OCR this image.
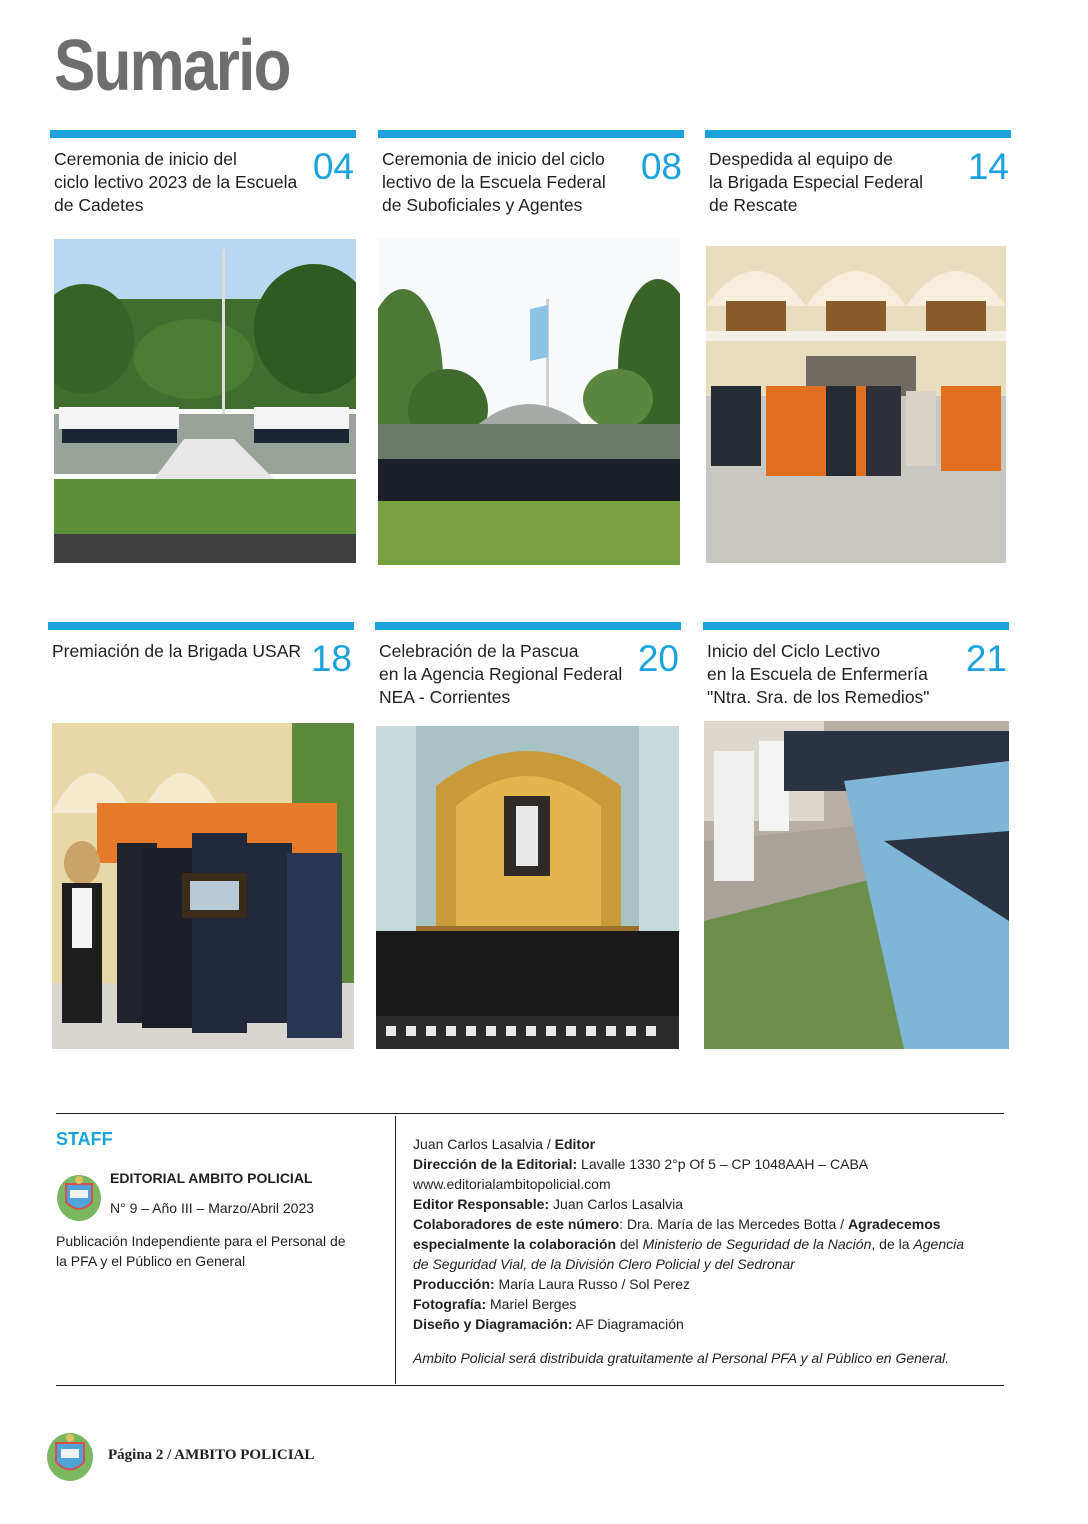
Sumario
Ceremonia de inicio del
ciclo lectivo 2023 de la Escuela
de Cadetes
04 Ceremonia de inicio del ciclo
lectivo de la Escuela Federal
de Suboficiales y Agentes
08 Despedida al equipo de
la Brigada Especial Federal
de Rescate
14
Premiación de la Brigada USAR 18 Celebración de la Pascua
en la Agencia Regional Federal
NEA - Corrientes
20 Inicio del Ciclo Lectivo
en la Escuela de Enfermería
"Ntra. Sra. de los Remedios"
21
STAFF
EDITORIAL AMBITO POLICIAL
N° 9 – Año III – Marzo/Abril 2023
Publicación Independiente para el Personal de la PFA y el Público en General
Juan Carlos Lasalvia / Editor
Dirección de la Editorial: Lavalle 1330 2°p Of 5 – CP 1048AAH – CABA
www.editorialambitopolicial.com
Editor Responsable: Juan Carlos Lasalvia
Colaboradores de este número: Dra. María de las Mercedes Botta / Agradecemos
especialmente la colaboración del Ministerio de Seguridad de la Nación, de la Agencia
de Seguridad Vial, de la División Clero Policial y del Sedronar
Producción: María Laura Russo / Sol Perez
Fotografía: Mariel Berges
Diseño y Diagramación: AF Diagramación
Ambito Policial será distribuida gratuitamente al Personal PFA y al Público en General.
Página 2 / AMBITO POLICIAL
